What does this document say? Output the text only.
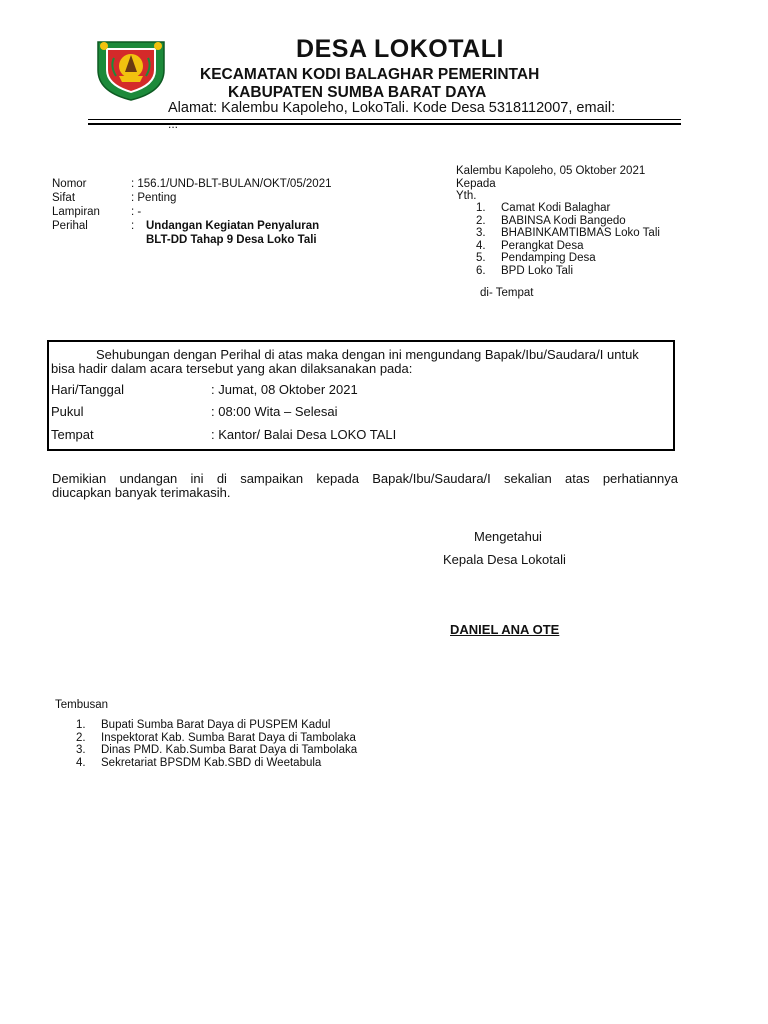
DESA LOKOTALI
KECAMATAN KODI BALAGHAR PEMERINTAH
KABUPATEN SUMBA BARAT DAYA
Alamat: Kalembu Kapoleho, LokoTali. Kode Desa 5318112007, email:
...
Nomor	: 156.1/UND-BLT-BULAN/OKT/05/2021
Sifat	: Penting
Lampiran	: -
Perihal	: Undangan Kegiatan Penyaluran
BLT-DD Tahap 9 Desa Loko Tali
Kalembu Kapoleho, 05 Oktober 2021
Kepada
Yth.
1. Camat Kodi Balaghar
2. BABINSA Kodi Bangedo
3. BHABINKAMTIBMAS Loko Tali
4. Perangkat Desa
5. Pendamping Desa
6. BPD Loko Tali
di- Tempat
Sehubungan dengan Perihal di atas maka dengan ini mengundang Bapak/Ibu/Saudara/I untuk
bisa hadir dalam acara tersebut yang akan dilaksanakan pada:
Hari/Tanggal	: Jumat, 08 Oktober 2021
Pukul	: 08:00 Wita – Selesai
Tempat	: Kantor/ Balai Desa LOKO TALI
Demikian undangan ini di sampaikan kepada Bapak/Ibu/Saudara/I sekalian atas perhatiannya
diucapkan banyak terimakasih.
Mengetahui
Kepala Desa Lokotali
DANIEL ANA OTE
Tembusan
1. Bupati Sumba Barat Daya di PUSPEM Kadul
2. Inspektorat Kab. Sumba Barat Daya di Tambolaka
3. Dinas PMD. Kab.Sumba Barat Daya di Tambolaka
4. Sekretariat BPSDM Kab.SBD di Weetabula
